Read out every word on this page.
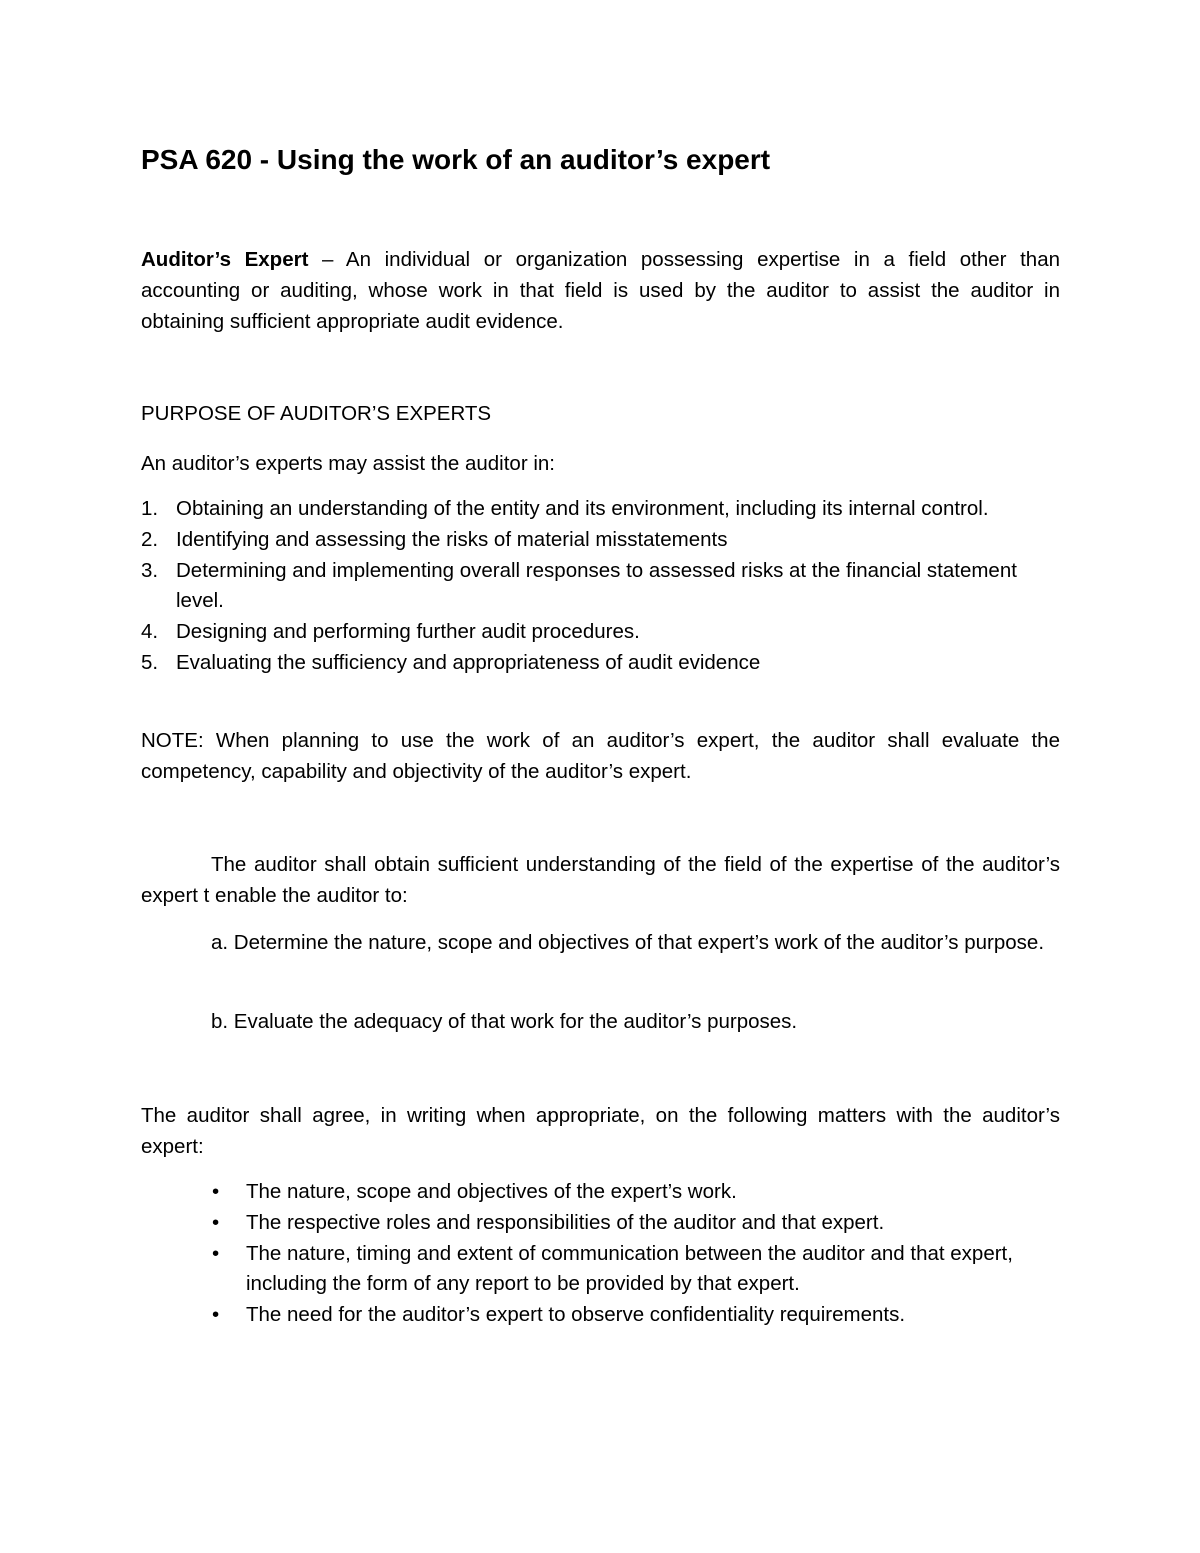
PSA 620 - Using the work of an auditor’s expert
Auditor’s Expert – An individual or organization possessing expertise in a field other than accounting or auditing, whose work in that field is used by the auditor to assist the auditor in obtaining sufficient appropriate audit evidence.
PURPOSE OF AUDITOR’S EXPERTS
An auditor’s experts may assist the auditor in:
1. Obtaining an understanding of the entity and its environment, including its internal control.
2. Identifying and assessing the risks of material misstatements
3. Determining and implementing overall responses to assessed risks at the financial statement level.
4. Designing and performing further audit procedures.
5. Evaluating the sufficiency and appropriateness of audit evidence
NOTE: When planning to use the work of an auditor’s expert, the auditor shall evaluate the competency, capability and objectivity of the auditor’s expert.
The auditor shall obtain sufficient understanding of the field of the expertise of the auditor’s expert t enable the auditor to:
a. Determine the nature, scope and objectives of that expert’s work of the auditor’s purpose.
b. Evaluate the adequacy of that work for the auditor’s purposes.
The auditor shall agree, in writing when appropriate, on the following matters with the auditor’s expert:
• The nature, scope and objectives of the expert’s work.
• The respective roles and responsibilities of the auditor and that expert.
• The nature, timing and extent of communication between the auditor and that expert, including the form of any report to be provided by that expert.
• The need for the auditor’s expert to observe confidentiality requirements.
